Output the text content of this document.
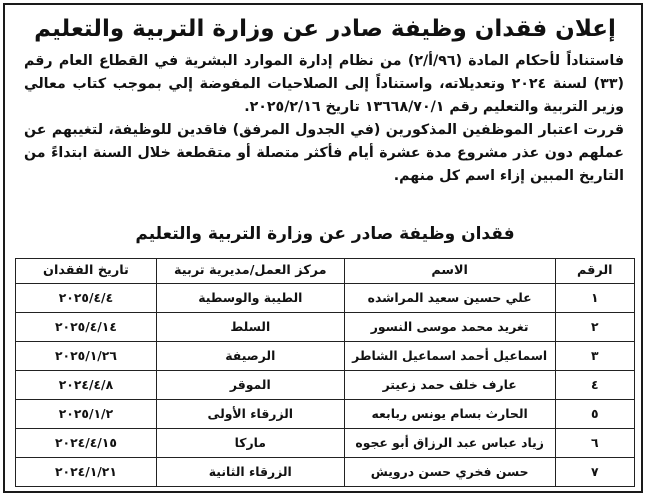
إعلان فقدان وظيفة صادر عن وزارة التربية والتعليم

فاستناداً لأحكام المادة (٩٦/أ/٢) من نظام إدارة الموارد البشرية في القطاع العام رقم (٣٣) لسنة ٢٠٢٤ وتعديلاته، واستناداً إلى الصلاحيات المفوضة إلي بموجب كتاب معالي وزير التربية والتعليم رقم ١٣٦٦٨/٧٠/١ تاريخ ٢٠٢٥/٢/١٦.

قررت اعتبار الموظفين المذكورين (في الجدول المرفق) فاقدين للوظيفة، لتغيبهم عن عملهم دون عذر مشروع مدة عشرة أيام فأكثر متصلة أو متقطعة خلال السنة ابتداءً من التاريخ المبين إزاء اسم كل منهم.

فقدان وظيفة صادر عن وزارة التربية والتعليم
الرقم	الاسم	مركز العمل/مديرية تربية	تاريخ الفقدان
١	علي حسين سعيد المراشده	الطيبة والوسطية	٢٠٢٥/٤/٤
٢	تغريد محمد موسى النسور	السلط	٢٠٢٥/٤/١٤
٣	اسماعيل أحمد اسماعيل الشاطر	الرصيفة	٢٠٢٥/١/٢٦
٤	عارف خلف حمد زعيتر	الموقر	٢٠٢٤/٤/٨
٥	الحارث بسام يونس ربابعه	الزرقاء الأولى	٢٠٢٥/١/٢
٦	زياد عباس عبد الرزاق أبو عجوه	ماركا	٢٠٢٤/٤/١٥
٧	حسن فخري حسن درويش	الزرقاء الثانية	٢٠٢٤/١/٢١
